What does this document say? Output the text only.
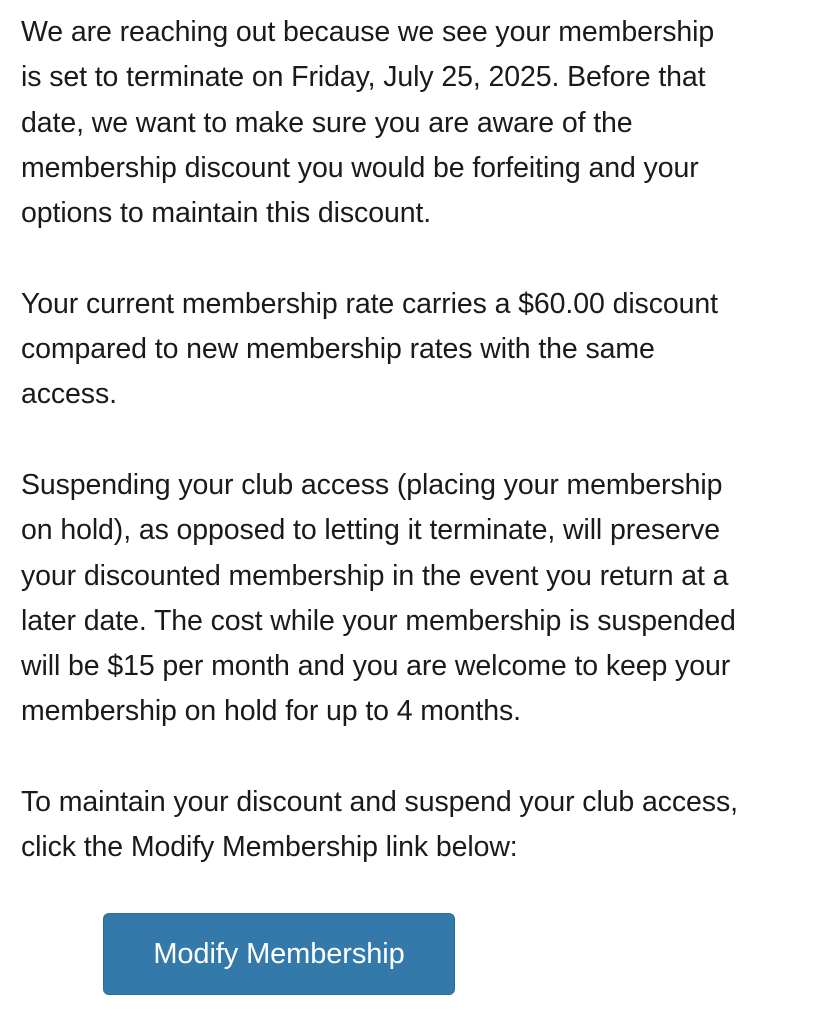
We are reaching out because we see your membership
is set to terminate on Friday, July 25, 2025. Before that
date, we want to make sure you are aware of the
membership discount you would be forfeiting and your
options to maintain this discount.

Your current membership rate carries a $60.00 discount
compared to new membership rates with the same
access.

Suspending your club access (placing your membership
on hold), as opposed to letting it terminate, will preserve
your discounted membership in the event you return at a
later date. The cost while your membership is suspended
will be $15 per month and you are welcome to keep your
membership on hold for up to 4 months.

To maintain your discount and suspend your club access,
click the Modify Membership link below:

Modify Membership
